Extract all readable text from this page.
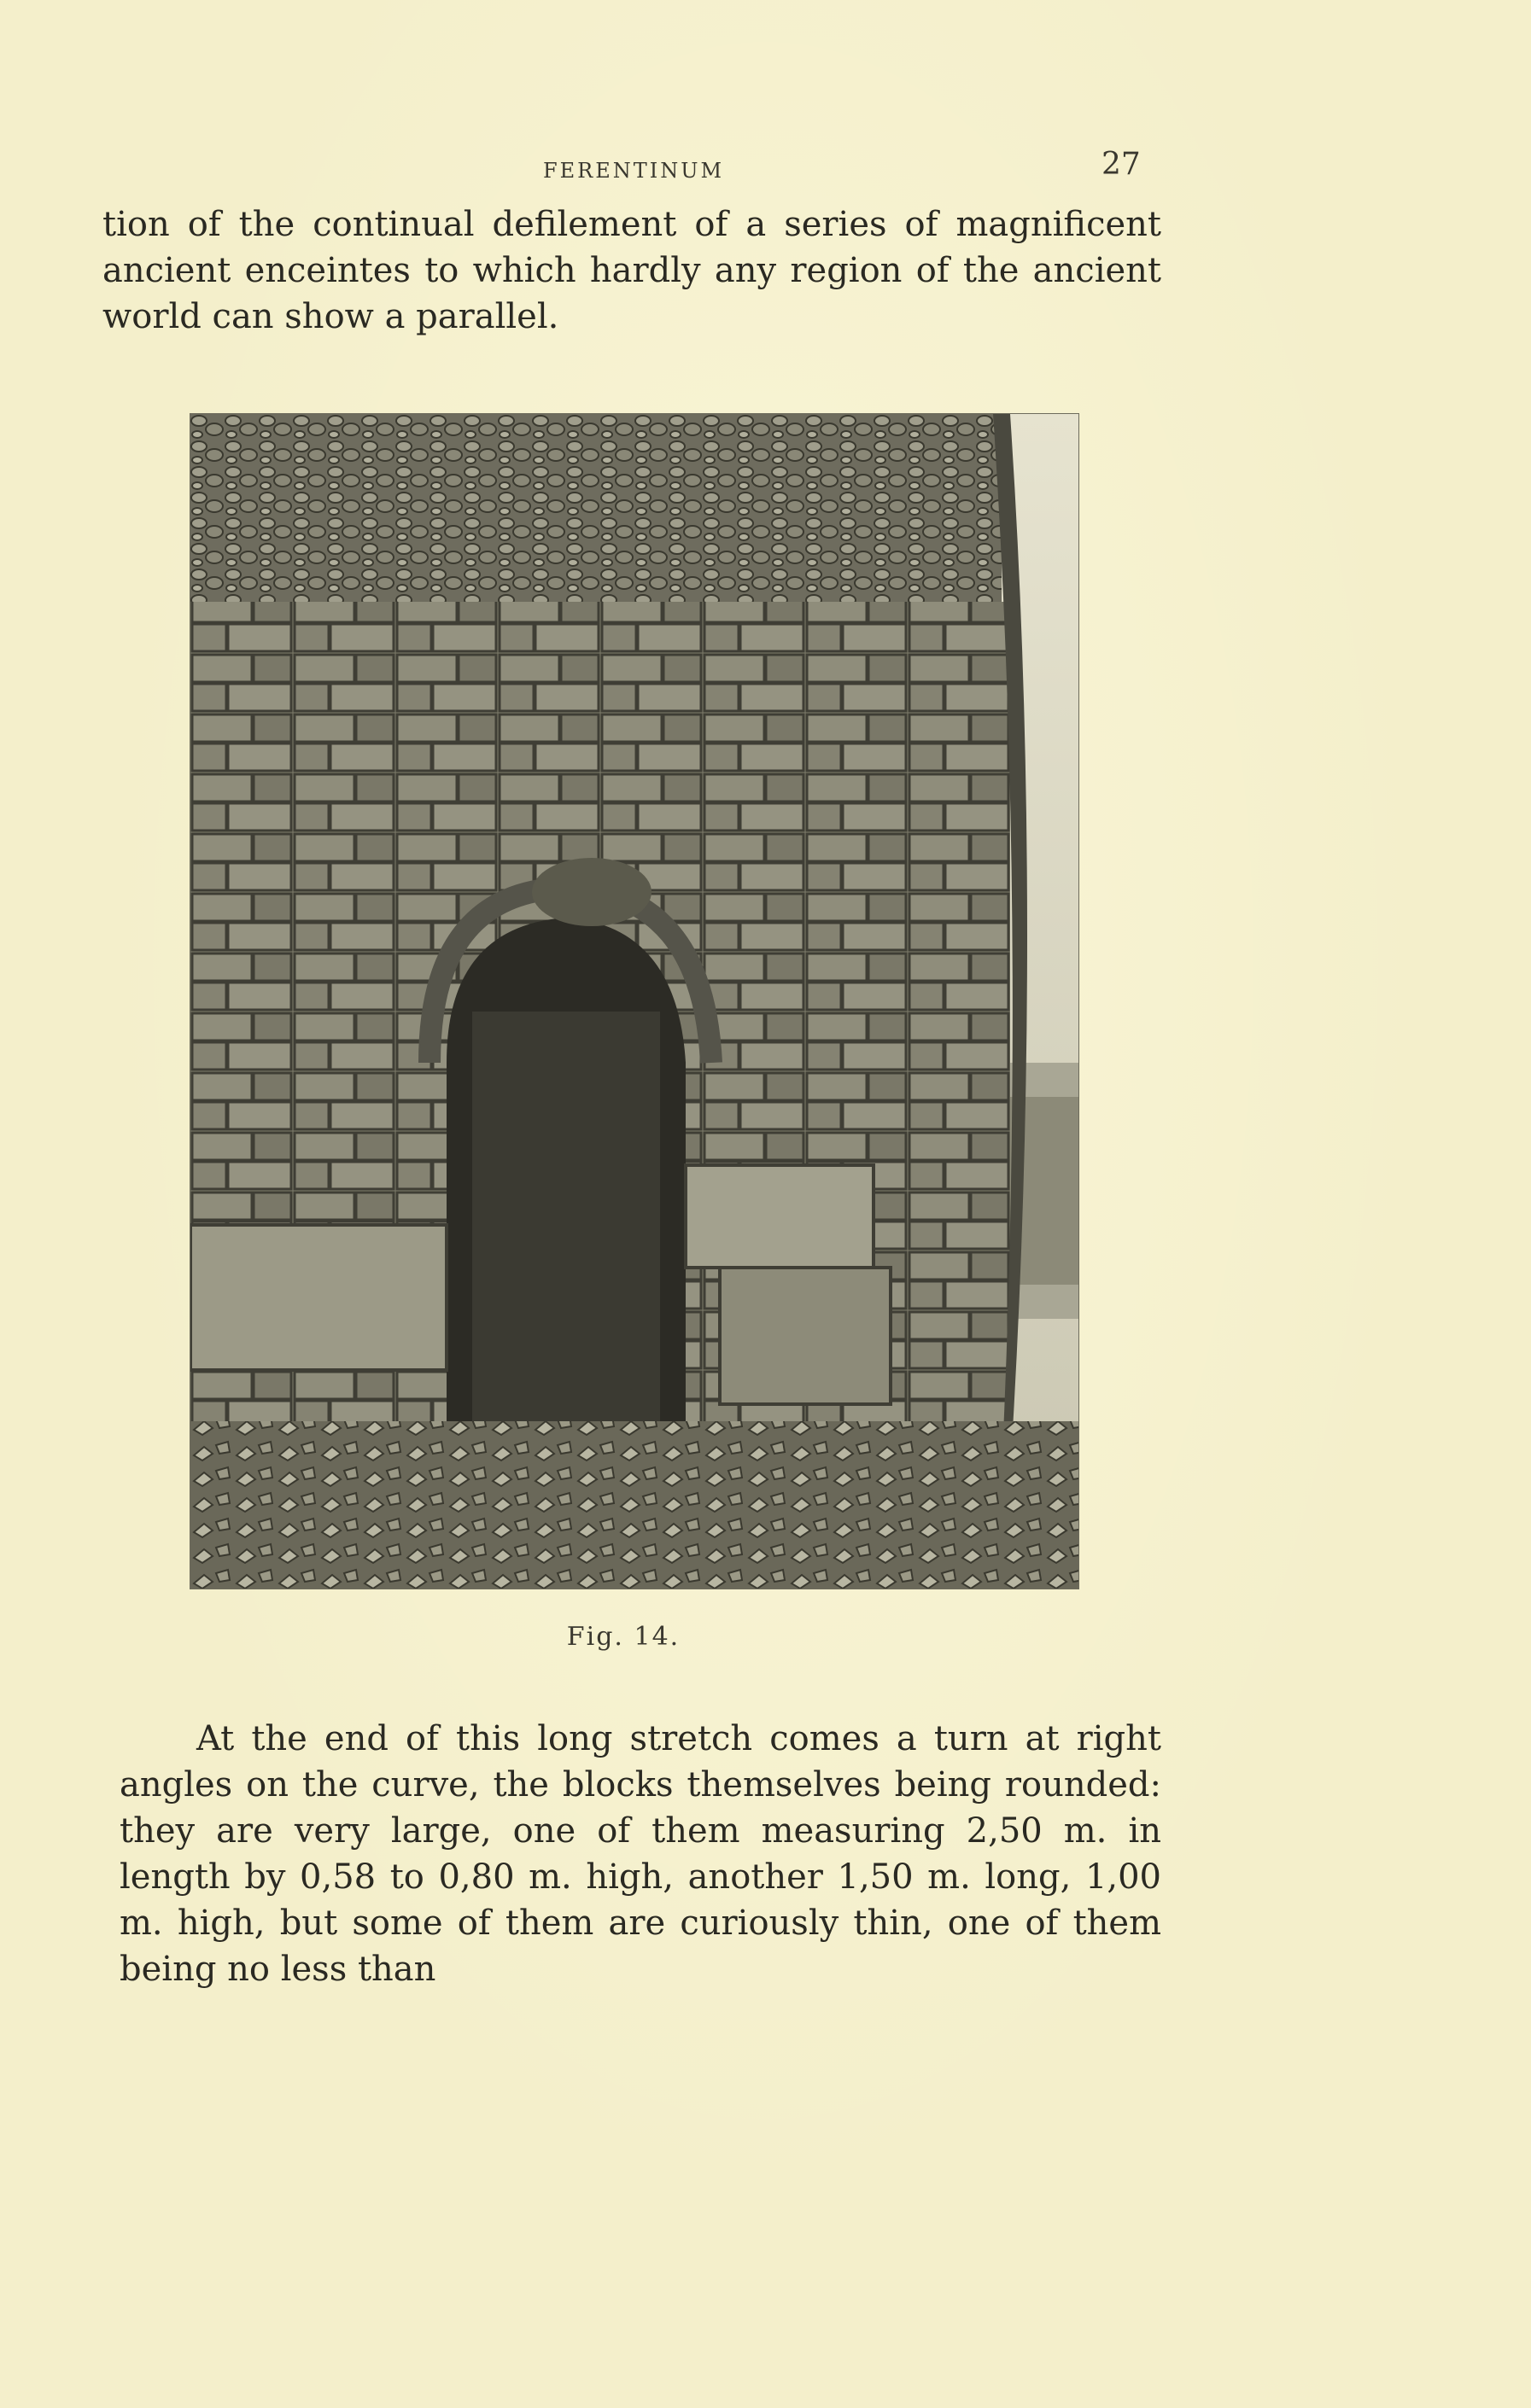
FERENTINUM	27

tion of the continual defilement of a series of magnificent ancient enceintes to which hardly any region of the ancient world can show a parallel.

Fig. 14.

At the end of this long stretch comes a turn at right angles on the curve, the blocks themselves being rounded: they are very large, one of them measuring 2,50 m. in length by 0,58 to 0,80 m. high, another 1,50 m. long, 1,00 m. high, but some of them are curiously thin, one of them being no less than
